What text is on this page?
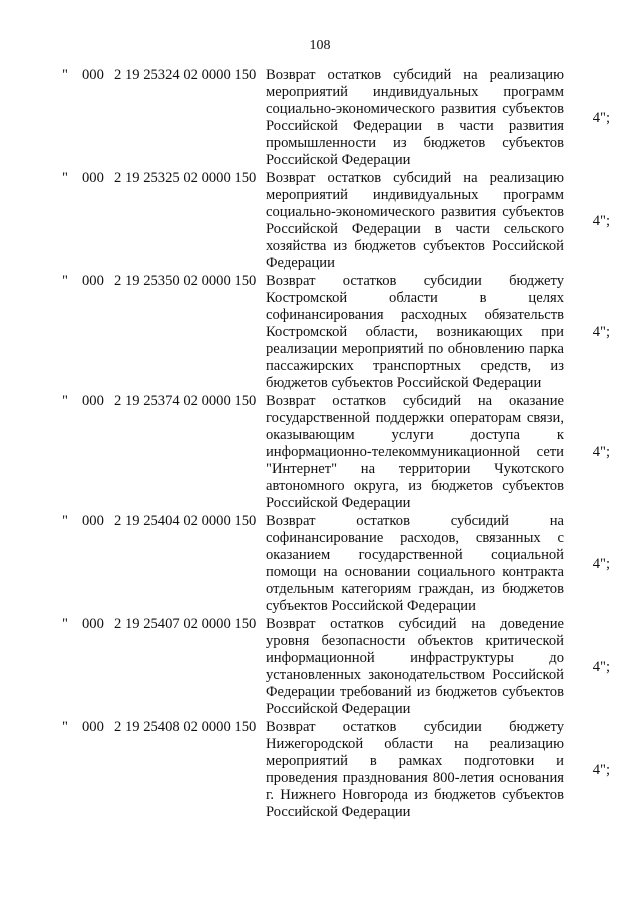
108
" 000 2 19 25324 02 0000 150 Возврат остатков субсидий на реализацию мероприятий индивидуальных программ социально-экономического развития субъектов Российской Федерации в части развития промышленности из бюджетов субъектов Российской Федерации
4";
" 000 2 19 25325 02 0000 150 Возврат остатков субсидий на реализацию мероприятий индивидуальных программ социально-экономического развития субъектов Российской Федерации в части сельского хозяйства из бюджетов субъектов Российской Федерации
4";
" 000 2 19 25350 02 0000 150 Возврат остатков субсидии бюджету Костромской области в целях софинансирования расходных обязательств Костромской области, возникающих при реализации мероприятий по обновлению парка пассажирских транспортных средств, из бюджетов субъектов Российской Федерации
4";
" 000 2 19 25374 02 0000 150 Возврат остатков субсидий на оказание государственной поддержки операторам связи, оказывающим услуги доступа к информационно-телекоммуникационной сети "Интернет" на территории Чукотского автономного округа, из бюджетов субъектов Российской Федерации
4";
" 000 2 19 25404 02 0000 150 Возврат остатков субсидий на софинансирование расходов, связанных с оказанием государственной социальной помощи на основании социального контракта отдельным категориям граждан, из бюджетов субъектов Российской Федерации
4";
" 000 2 19 25407 02 0000 150 Возврат остатков субсидий на доведение уровня безопасности объектов критической информационной инфраструктуры до установленных законодательством Российской Федерации требований из бюджетов субъектов Российской Федерации
4";
" 000 2 19 25408 02 0000 150 Возврат остатков субсидии бюджету Нижегородской области на реализацию мероприятий в рамках подготовки и проведения празднования 800-летия основания г. Нижнего Новгорода из бюджетов субъектов Российской Федерации
4";
